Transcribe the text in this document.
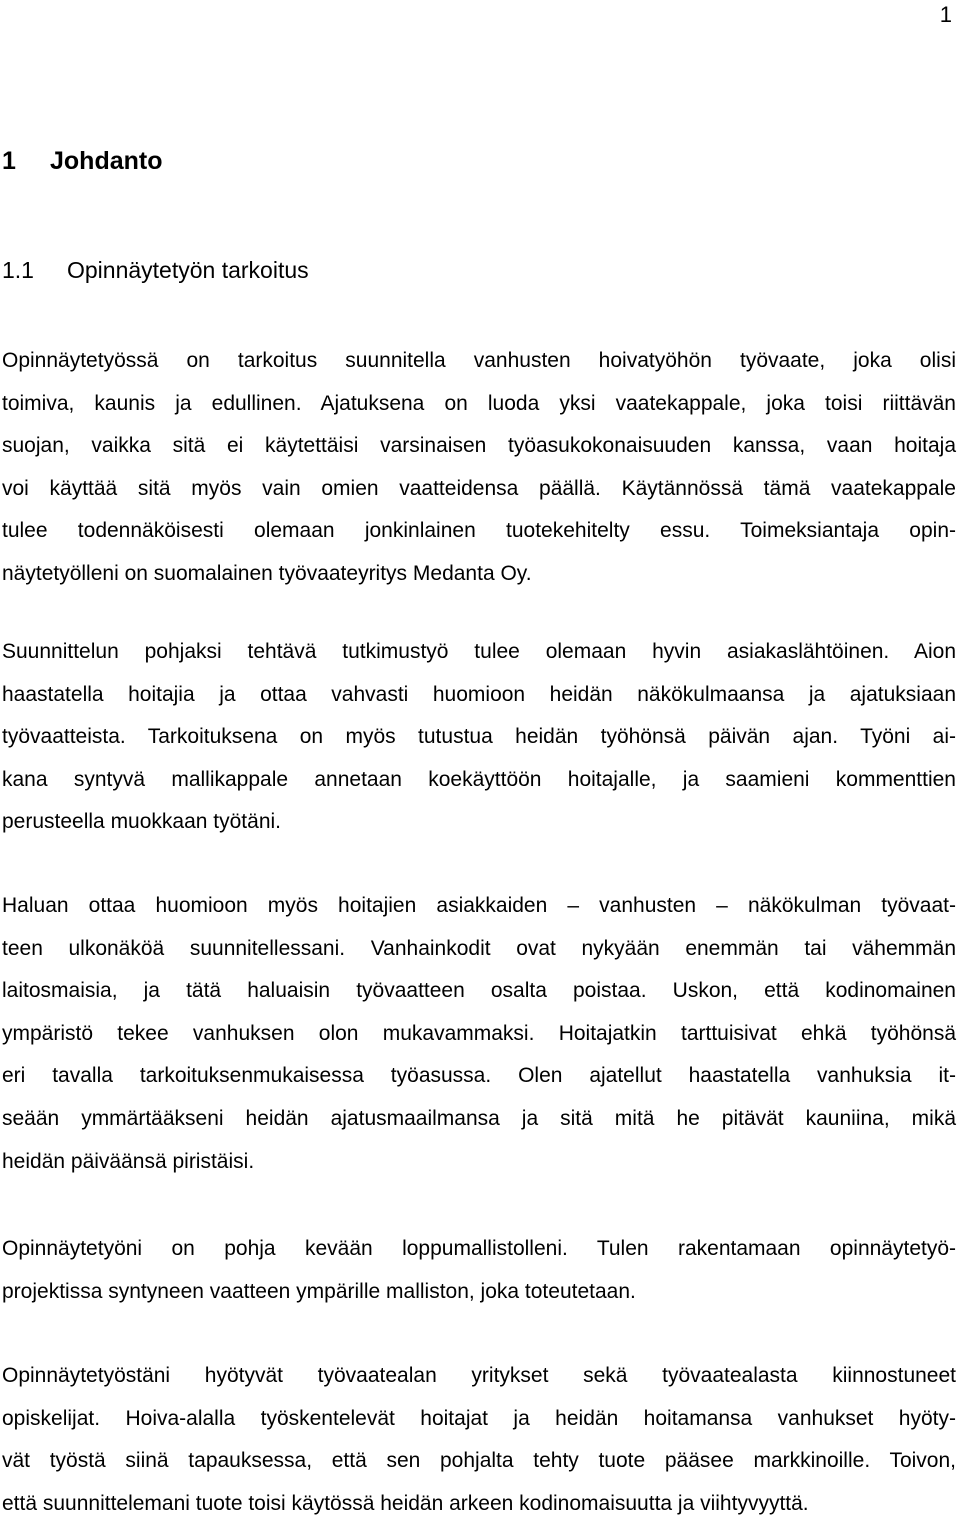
1
1 Johdanto
1.1 Opinnäytetyön tarkoitus
Opinnäytetyössä on tarkoitus suunnitella vanhusten hoivatyöhön työvaate, joka olisi
toimiva, kaunis ja edullinen. Ajatuksena on luoda yksi vaatekappale, joka toisi riittävän
suojan, vaikka sitä ei käytettäisi varsinaisen työasukokonaisuuden kanssa, vaan hoitaja
voi käyttää sitä myös vain omien vaatteidensa päällä. Käytännössä tämä vaatekappale
tulee todennäköisesti olemaan jonkinlainen tuotekehitelty essu. Toimeksiantaja opin-
näytetyölleni on suomalainen työvaateyritys Medanta Oy.
Suunnittelun pohjaksi tehtävä tutkimustyö tulee olemaan hyvin asiakaslähtöinen. Aion
haastatella hoitajia ja ottaa vahvasti huomioon heidän näkökulmaansa ja ajatuksiaan
työvaatteista. Tarkoituksena on myös tutustua heidän työhönsä päivän ajan. Työni ai-
kana syntyvä mallikappale annetaan koekäyttöön hoitajalle, ja saamieni kommenttien
perusteella muokkaan työtäni.
Haluan ottaa huomioon myös hoitajien asiakkaiden – vanhusten – näkökulman työvaat-
teen ulkonäköä suunnitellessani. Vanhainkodit ovat nykyään enemmän tai vähemmän
laitosmaisia, ja tätä haluaisin työvaatteen osalta poistaa. Uskon, että kodinomainen
ympäristö tekee vanhuksen olon mukavammaksi. Hoitajatkin tarttuisivat ehkä työhönsä
eri tavalla tarkoituksenmukaisessa työasussa. Olen ajatellut haastatella vanhuksia it-
seään ymmärtääkseni heidän ajatusmaailmansa ja sitä mitä he pitävät kauniina, mikä
heidän päiväänsä piristäisi.
Opinnäytetyöni on pohja kevään loppumallistolleni. Tulen rakentamaan opinnäytetyö-
projektissa syntyneen vaatteen ympärille malliston, joka toteutetaan.
Opinnäytetyöstäni hyötyvät työvaatealan yritykset sekä työvaatealasta kiinnostuneet
opiskelijat. Hoiva-alalla työskentelevät hoitajat ja heidän hoitamansa vanhukset hyöty-
vät työstä siinä tapauksessa, että sen pohjalta tehty tuote pääsee markkinoille. Toivon,
että suunnittelemani tuote toisi käytössä heidän arkeen kodinomaisuutta ja viihtyvyyttä.
